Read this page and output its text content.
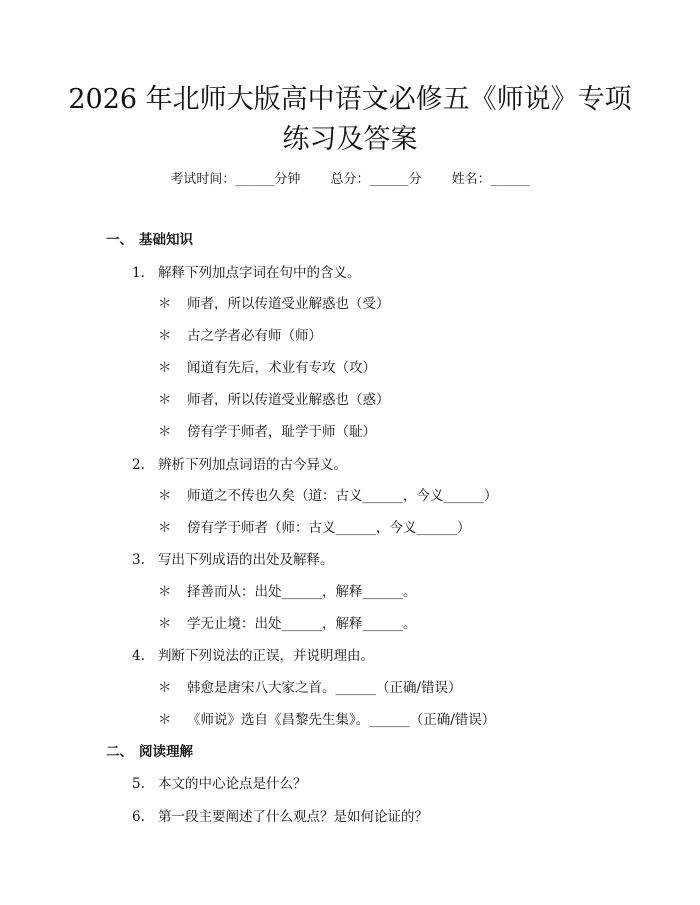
2026 年北师大版高中语文必修五《师说》专项练习及答案
考试时间：______分钟 总分：______分 姓名：______
一、 基础知识
1. 解释下列加点字词在句中的含义。
＊ 师者，所以传道受业解惑也（受）
＊ 古之学者必有师（师）
＊ 闻道有先后，术业有专攻（攻）
＊ 师者，所以传道受业解惑也（惑）
＊ 傍有学于师者，耻学于师（耻）
2. 辨析下列加点词语的古今异义。
＊ 师道之不传也久矣（道：古义______，今义______）
＊ 傍有学于师者（师：古义______，今义______）
3. 写出下列成语的出处及解释。
＊ 择善而从：出处______，解释______。
＊ 学无止境：出处______，解释______。
4. 判断下列说法的正误，并说明理由。
＊ 韩愈是唐宋八大家之首。______（正确/错误）
＊ 《师说》选自《昌黎先生集》。______（正确/错误）
二、 阅读理解
5. 本文的中心论点是什么？
6. 第一段主要阐述了什么观点？是如何论证的？
